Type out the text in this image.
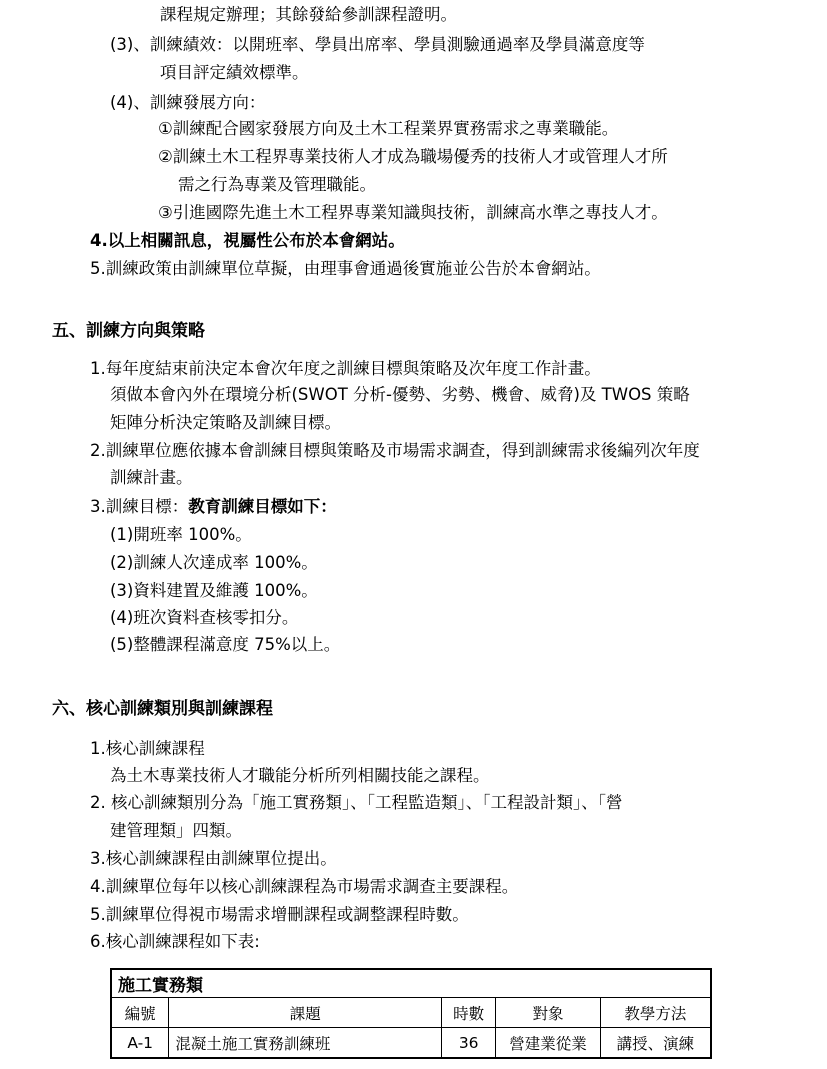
課程規定辦理；其餘發給參訓課程證明。
(3)、訓練績效：以開班率、學員出席率、學員測驗通過率及學員滿意度等
項目評定績效標準。
(4)、訓練發展方向：
①訓練配合國家發展方向及土木工程業界實務需求之專業職能。
②訓練土木工程界專業技術人才成為職場優秀的技術人才或管理人才所
需之行為專業及管理職能。
③引進國際先進土木工程界專業知識與技術，訓練高水準之專技人才。
4.以上相關訊息，視屬性公布於本會網站。
5.訓練政策由訓練單位草擬，由理事會通過後實施並公告於本會網站。
五、訓練方向與策略
1.每年度結束前決定本會次年度之訓練目標與策略及次年度工作計畫。
須做本會內外在環境分析(SWOT 分析-優勢、劣勢、機會、威脅)及 TWOS 策略
矩陣分析決定策略及訓練目標。
2.訓練單位應依據本會訓練目標與策略及市場需求調查，得到訓練需求後編列次年度
訓練計畫。
3.訓練目標：教育訓練目標如下：
(1)開班率 100%。
(2)訓練人次達成率 100%。
(3)資料建置及維護 100%。
(4)班次資料查核零扣分。
(5)整體課程滿意度 75%以上。
六、核心訓練類別與訓練課程
1.核心訓練課程
為土木專業技術人才職能分析所列相關技能之課程。
2. 核心訓練類別分為「施工實務類」、「工程監造類」、「工程設計類」、「營
建管理類」四類。
3.核心訓練課程由訓練單位提出。
4.訓練單位每年以核心訓練課程為市場需求調查主要課程。
5.訓練單位得視市場需求增刪課程或調整課程時數。
6.核心訓練課程如下表:
施工實務類				
編號	課題	時數	對象	教學方法
A-1	混凝土施工實務訓練班	36	營建業從業	講授、演練
